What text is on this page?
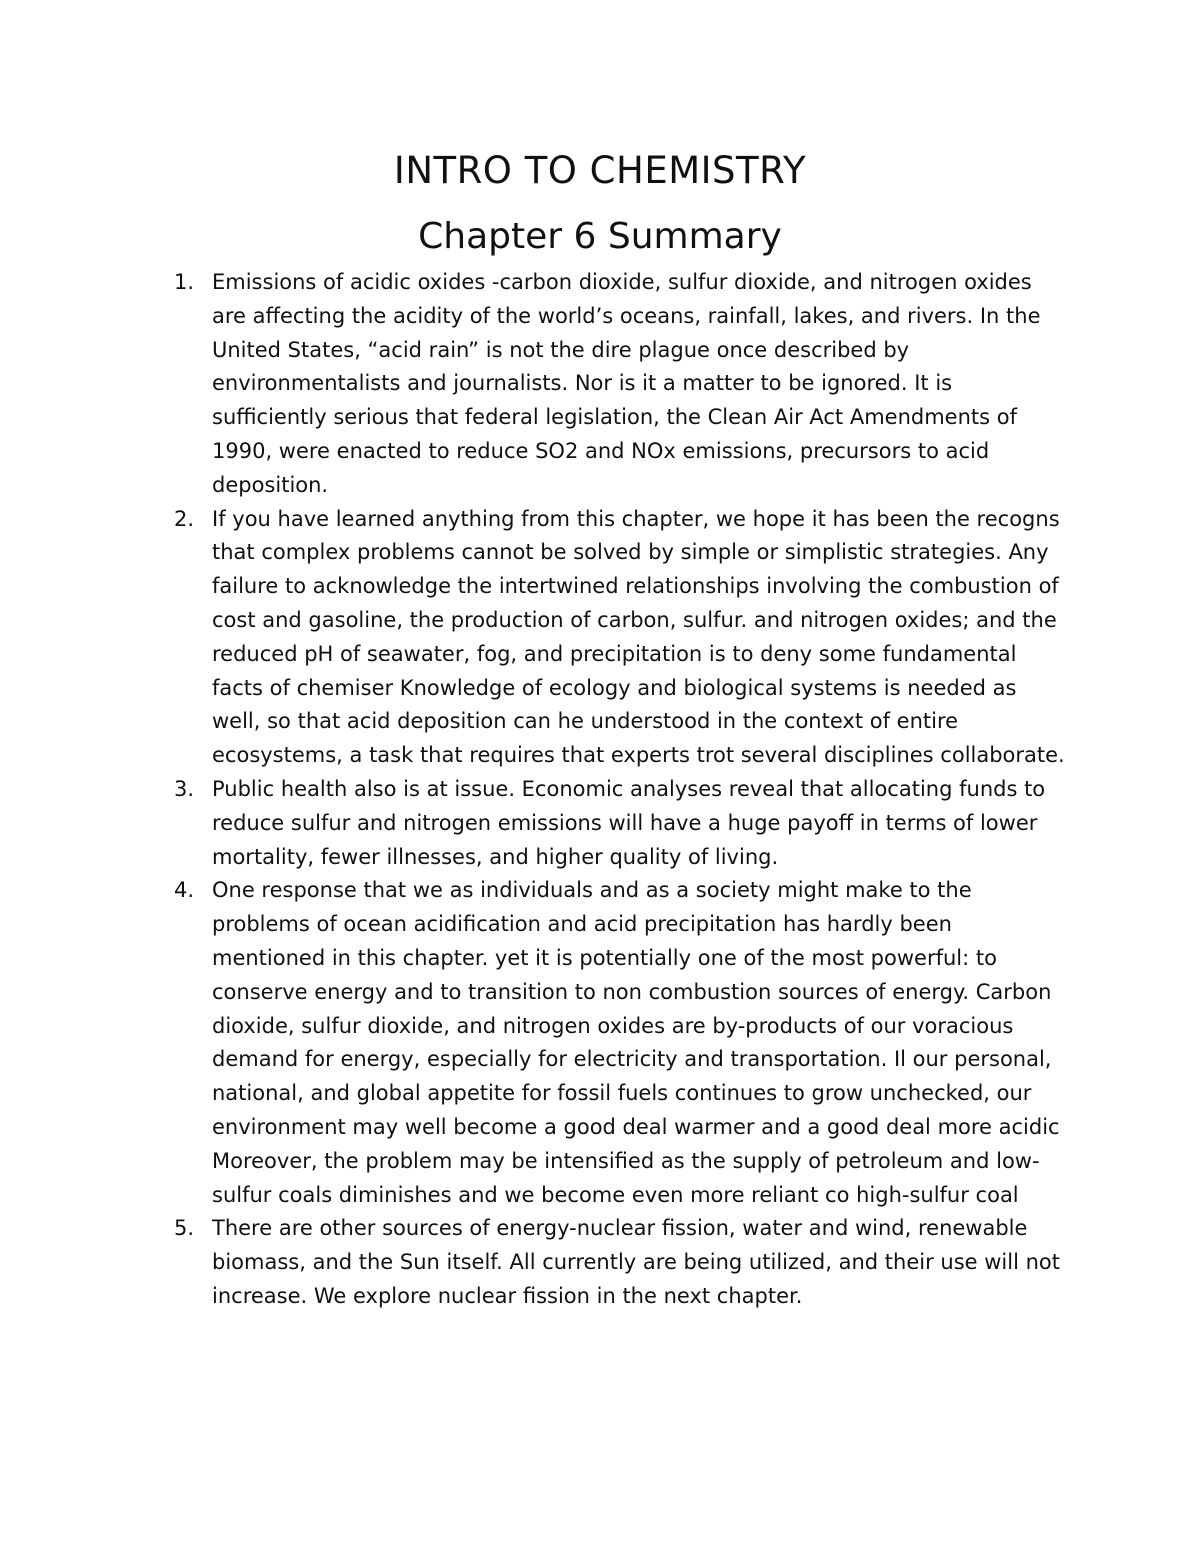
INTRO TO CHEMISTRY
Chapter 6 Summary
1. Emissions of acidic oxides -carbon dioxide, sulfur dioxide, and nitrogen oxides are affecting the acidity of the world’s oceans, rainfall, lakes, and rivers. In the United States, “acid rain” is not the dire plague once described by environmentalists and journalists. Nor is it a matter to be ignored. It is sufficiently serious that federal legislation, the Clean Air Act Amendments of 1990, were enacted to reduce SO2 and NOx emissions, precursors to acid deposition.
2. If you have learned anything from this chapter, we hope it has been the recogns that complex problems cannot be solved by simple or simplistic strategies. Any failure to acknowledge the intertwined relationships involving the combustion of cost and gasoline, the production of carbon, sulfur. and nitrogen oxides; and the reduced pH of seawater, fog, and precipitation is to deny some fundamental facts of chemiser Knowledge of ecology and biological systems is needed as well, so that acid deposition can he understood in the context of entire ecosystems, a task that requires that experts trot several disciplines collaborate.
3. Public health also is at issue. Economic analyses reveal that allocating funds to reduce sulfur and nitrogen emissions will have a huge payoff in terms of lower mortality, fewer illnesses, and higher quality of living.
4. One response that we as individuals and as a society might make to the problems of ocean acidification and acid precipitation has hardly been mentioned in this chapter. yet it is potentially one of the most powerful: to conserve energy and to transition to non combustion sources of energy. Carbon dioxide, sulfur dioxide, and nitrogen oxides are by-products of our voracious demand for energy, especially for electricity and transportation. Il our personal, national, and global appetite for fossil fuels continues to grow unchecked, our environment may well become a good deal warmer and a good deal more acidic Moreover, the problem may be intensified as the supply of petroleum and low-sulfur coals diminishes and we become even more reliant co high-sulfur coal
5. There are other sources of energy-nuclear fission, water and wind, renewable biomass, and the Sun itself. All currently are being utilized, and their use will not increase. We explore nuclear fission in the next chapter.
